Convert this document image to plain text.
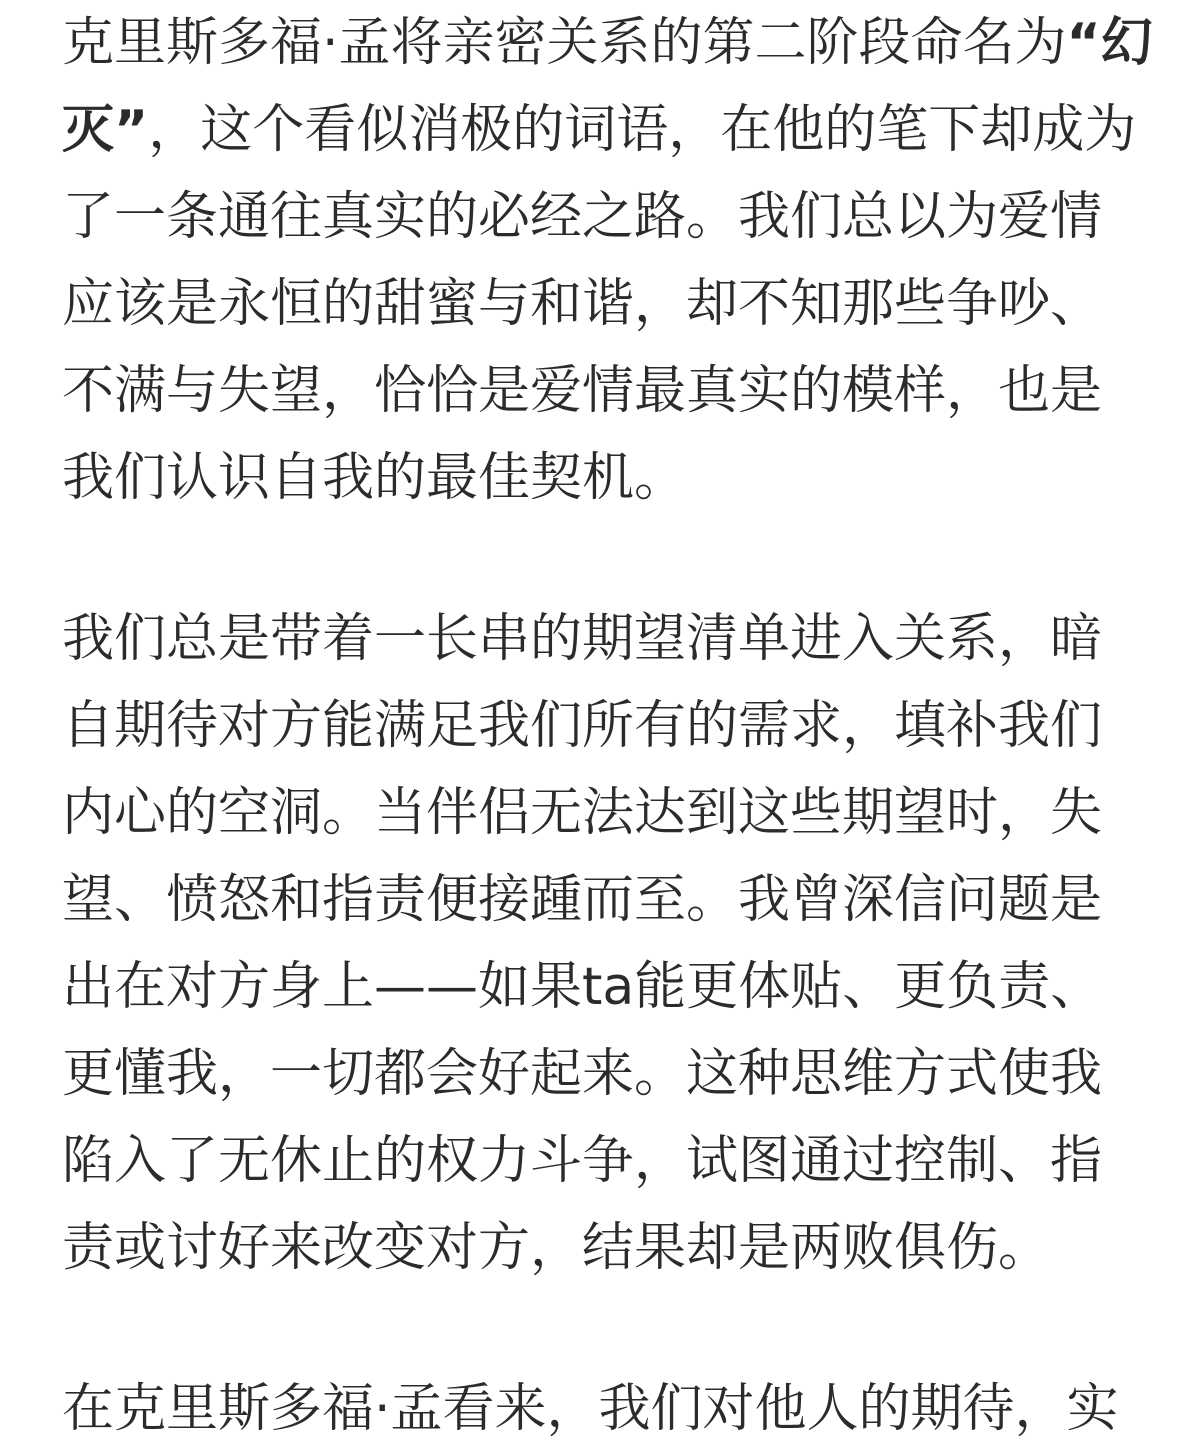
克里斯多福·孟将亲密关系的第二阶段命名为“幻
灭”，这个看似消极的词语，在他的笔下却成为
了一条通往真实的必经之路。我们总以为爱情
应该是永恒的甜蜜与和谐，却不知那些争吵、
不满与失望，恰恰是爱情最真实的模样，也是
我们认识自我的最佳契机。
我们总是带着一长串的期望清单进入关系，暗
自期待对方能满足我们所有的需求，填补我们
内心的空洞。当伴侣无法达到这些期望时，失
望、愤怒和指责便接踵而至。我曾深信问题是
出在对方身上——如果ta能更体贴、更负责、
更懂我，一切都会好起来。这种思维方式使我
陷入了无休止的权力斗争，试图通过控制、指
责或讨好来改变对方，结果却是两败俱伤。
在克里斯多福·孟看来，我们对他人的期待，实
